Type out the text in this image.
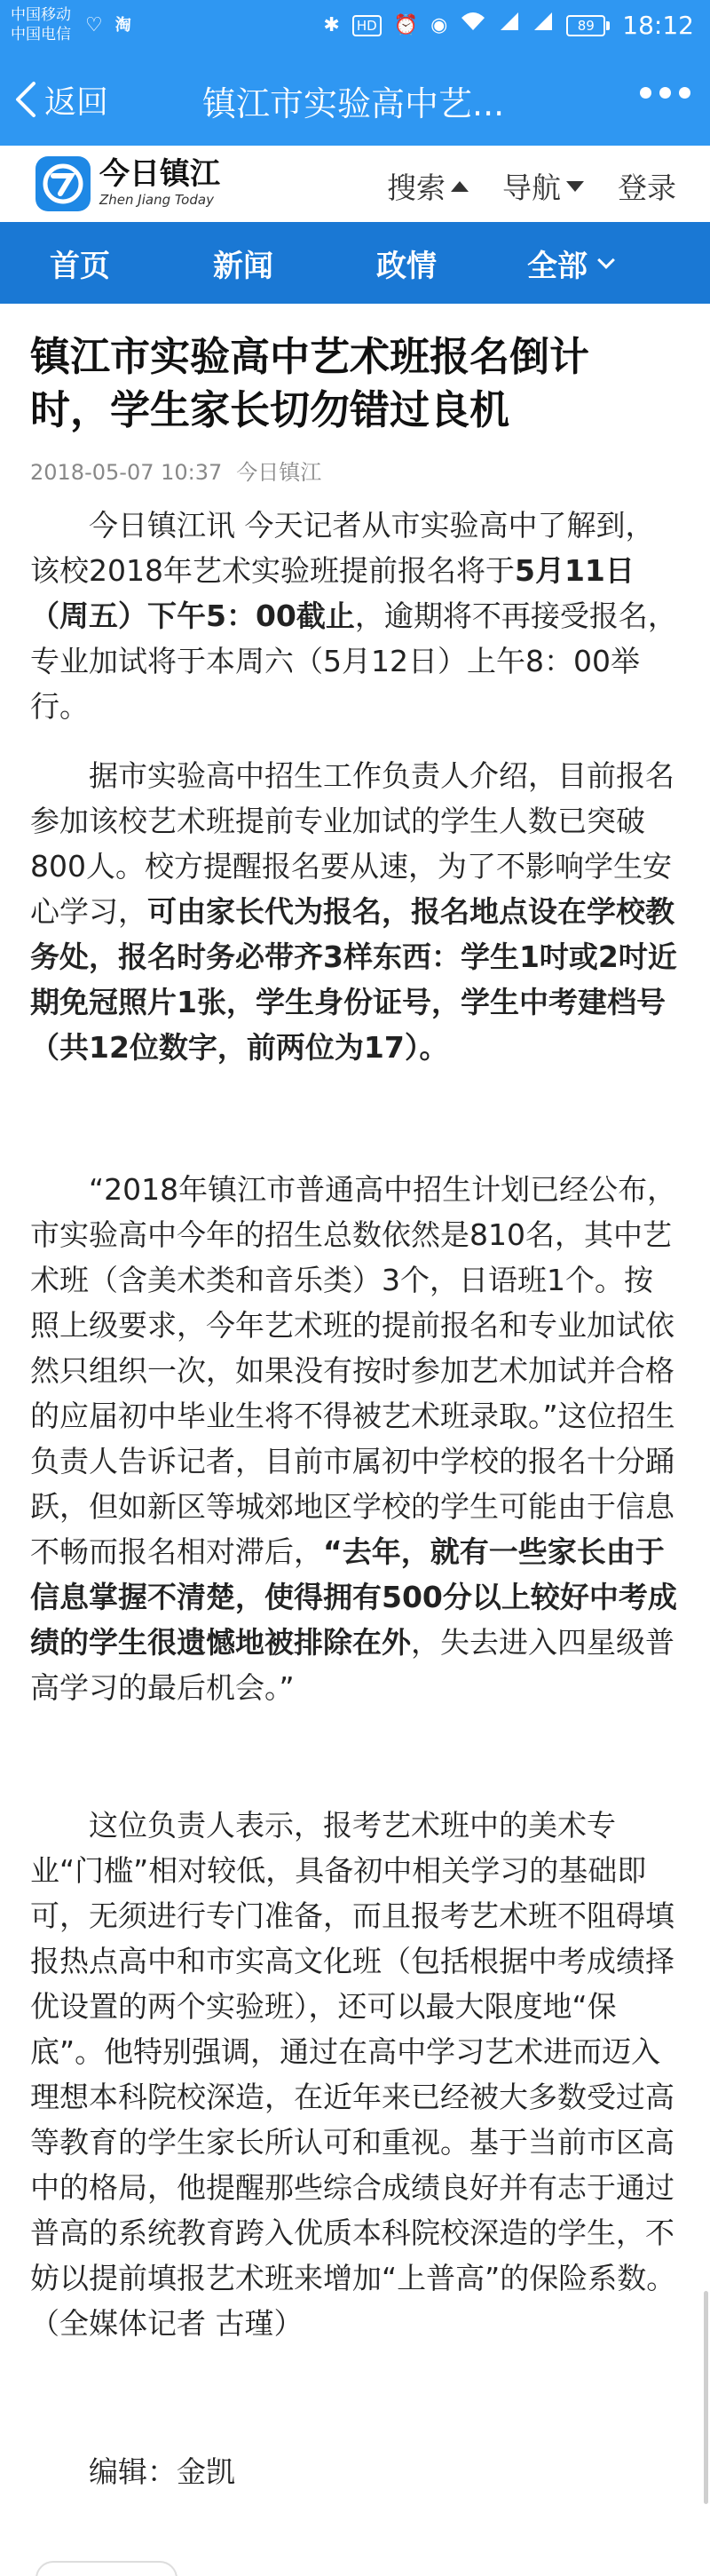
中国移动
中国电信 ♡ 淘	✱	HD ⏰ ◉	89	18:12
返回	镇江市实验高中艺...
今日镇江
Zhen Jiang Today	搜索 导航 登录
首页	新闻	政情	全部
镇江市实验高中艺术班报名倒计
时，学生家长切勿错过良机
2018-05-07 10:37 今日镇江

今日镇江讯 今天记者从市实验高中了解到，该校2018年艺术实验班提前报名将于5月11日（周五）下午5：00截止，逾期将不再接受报名，专业加试将于本周六（5月12日）上午8：00举行。

据市实验高中招生工作负责人介绍，目前报名参加该校艺术班提前专业加试的学生人数已突破800人。校方提醒报名要从速，为了不影响学生安心学习，可由家长代为报名，报名地点设在学校教务处，报名时务必带齐3样东西：学生1吋或2吋近期免冠照片1张，学生身份证号，学生中考建档号（共12位数字，前两位为17）。

“2018年镇江市普通高中招生计划已经公布，市实验高中今年的招生总数依然是810名，其中艺术班（含美术类和音乐类）3个，日语班1个。按照上级要求，今年艺术班的提前报名和专业加试依然只组织一次，如果没有按时参加艺术加试并合格的应届初中毕业生将不得被艺术班录取。”这位招生负责人告诉记者，目前市属初中学校的报名十分踊跃，但如新区等城郊地区学校的学生可能由于信息不畅而报名相对滞后，“去年，就有一些家长由于信息掌握不清楚，使得拥有500分以上较好中考成绩的学生很遗憾地被排除在外，失去进入四星级普高学习的最后机会。”

这位负责人表示，报考艺术班中的美术专业“门槛”相对较低，具备初中相关学习的基础即可，无须进行专门准备，而且报考艺术班不阻碍填报热点高中和市实高文化班（包括根据中考成绩择优设置的两个实验班），还可以最大限度地“保底”。他特别强调，通过在高中学习艺术进而迈入理想本科院校深造，在近年来已经被大多数受过高等教育的学生家长所认可和重视。基于当前市区高中的格局，他提醒那些综合成绩良好并有志于通过普高的系统教育跨入优质本科院校深造的学生，不妨以提前填报艺术班来增加“上普高”的保险系数。（全媒体记者 古瑾）

编辑：金凯
